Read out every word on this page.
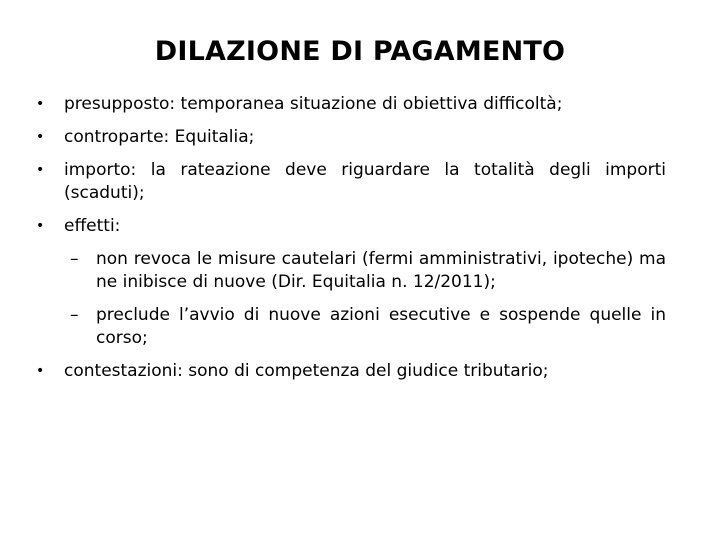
DILAZIONE DI PAGAMENTO
•	presupposto: temporanea situazione di obiettiva difficoltà;
•	controparte: Equitalia;
•	importo: la rateazione deve riguardare la totalità degli importi (scaduti);
•	effetti:
–	non revoca le misure cautelari (fermi amministrativi, ipoteche) ma ne inibisce di nuove (Dir. Equitalia n. 12/2011);
–	preclude l’avvio di nuove azioni esecutive e sospende quelle in corso;
•	contestazioni: sono di competenza del giudice tributario;
